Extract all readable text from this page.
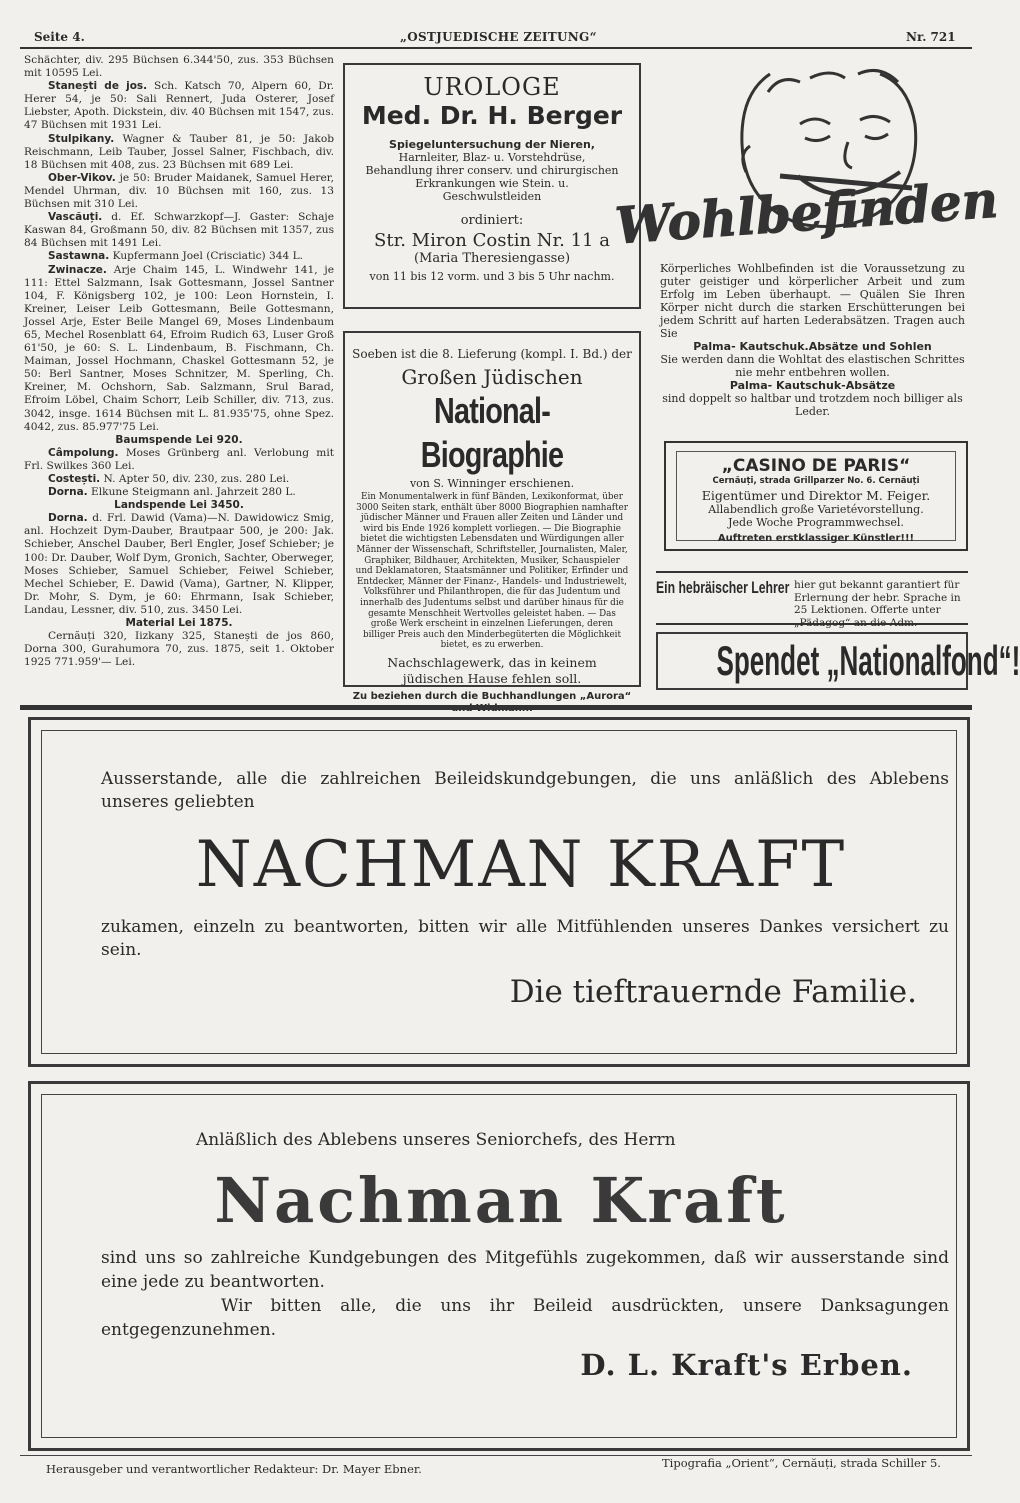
Seite 4.	„OSTJUEDISCHE ZEITUNG“	Nr. 721

Schächter, div. 295 Büchsen 6.344'50, zus. 353 Büchsen mit 10595 Lei.

Stanești de jos. Sch. Katsch 70, Alpern 60, Dr. Herer 54, je 50: Sali Rennert, Juda Osterer, Josef Liebster, Apoth. Dickstein, div. 40 Büchsen mit 1547, zus. 47 Büchsen mit 1931 Lei.

Stulpikany. Wagner & Tauber 81, je 50: Jakob Reischmann, Leib Tauber, Jossel Salner, Fischbach, div. 18 Büchsen mit 408, zus. 23 Büchsen mit 689 Lei.

Ober-Vikov. je 50: Bruder Maidanek, Samuel Herer, Mendel Uhrman, div. 10 Büchsen mit 160, zus. 13 Büchsen mit 310 Lei.

Vascăuți. d. Ef. Schwarzkopf—J. Gaster: Schaje Kaswan 84, Großmann 50, div. 82 Büchsen mit 1357, zus 84 Büchsen mit 1491 Lei.

Sastawna. Kupfermann Joel (Crisciatic) 344 L.

Zwinacze. Arje Chaim 145, L. Windwehr 141, je 111: Ettel Salzmann, Isak Gottesmann, Jossel Santner 104, F. Königsberg 102, je 100: Leon Hornstein, I. Kreiner, Leiser Leib Gottesmann, Beile Gottesmann, Jossel Arje, Ester Beile Mangel 69, Moses Lindenbaum 65, Mechel Rosenblatt 64, Efroim Rudich 63, Luser Groß 61'50, je 60: S. L. Lindenbaum, B. Fischmann, Ch. Maiman, Jossel Hochmann, Chaskel Gottesmann 52, je 50: Berl Santner, Moses Schnitzer, M. Sperling, Ch. Kreiner, M. Ochshorn, Sab. Salzmann, Srul Barad, Efroim Löbel, Chaim Schorr, Leib Schiller, div. 713, zus. 3042, insge. 1614 Büchsen mit L. 81.935'75, ohne Spez. 4042, zus. 85.977'75 Lei.

Baumspende Lei 920.

Câmpolung. Moses Grünberg anl. Verlobung mit Frl. Swilkes 360 Lei.

Costești. N. Apter 50, div. 230, zus. 280 Lei.

Dorna. Elkune Steigmann anl. Jahrzeit 280 L.

Landspende Lei 3450.

Dorna. d. Frl. Dawid (Vama)—N. Dawidowicz Smig, anl. Hochzeit Dym-Dauber, Brautpaar 500, je 200: Jak. Schieber, Anschel Dauber, Berl Engler, Josef Schieber; je 100: Dr. Dauber, Wolf Dym, Gronich, Sachter, Oberweger, Moses Schieber, Samuel Schieber, Feiwel Schieber, Mechel Schieber, E. Dawid (Vama), Gartner, N. Klipper, Dr. Mohr, S. Dym, je 60: Ehrmann, Isak Schieber, Landau, Lessner, div. 510, zus. 3450 Lei.

Material Lei 1875.

Cernăuți 320, Iizkany 325, Stanești de jos 860, Dorna 300, Gurahumora 70, zus. 1875, seit 1. Oktober 1925 771.959'— Lei.

UROLOGE
Med. Dr. H. Berger
Spiegeluntersuchung der Nieren, Harnleiter, Blaz- u. Vorstehdrüse, Behandlung ihrer conserv. und chirurgischen Erkrankungen wie Stein. u. Geschwulstleiden
ordiniert:
Str. Miron Costin Nr. 11 a
(Maria Theresiengasse)
von 11 bis 12 vorm. und 3 bis 5 Uhr nachm.
Soeben ist die 8. Lieferung (kompl. I. Bd.) der
Großen Jüdischen
National-Biographie
von S. Winninger erschienen.
Ein Monumentalwerk in fünf Bänden, Lexikonformat, über 3000 Seiten stark, enthält über 8000 Biographien namhafter jüdischer Männer und Frauen aller Zeiten und Länder und wird bis Ende 1926 komplett vorliegen. — Die Biographie bietet die wichtigsten Lebensdaten und Würdigungen aller Männer der Wissenschaft, Schriftsteller, Journalisten, Maler, Graphiker, Bildhauer, Architekten, Musiker, Schauspieler und Deklamatoren, Staatsmänner und Politiker, Erfinder und Entdecker, Männer der Finanz-, Handels- und Industriewelt, Volksführer und Philanthropen, die für das Judentum und innerhalb des Judentums selbst und darüber hinaus für die gesamte Menschheit Wertvolles geleistet haben. — Das große Werk erscheint in einzelnen Lieferungen, deren billiger Preis auch den Minderbegüterten die Möglichkeit bietet, es zu erwerben.
Nachschlagewerk, das in keinem jüdischen Hause fehlen soll.
Zu beziehen durch die Buchhandlungen „Aurora“
Wohlbefinden

Körperliches Wohlbefinden ist die Voraussetzung zu guter geistiger und körperlicher Arbeit und zum Erfolg im Leben überhaupt. — Quälen Sie Ihren Körper nicht durch die starken Erschütterungen bei jedem Schritt auf harten Lederabsätzen. Tragen auch Sie

Palma- Kautschuk.Absätze und Sohlen

Sie werden dann die Wohltat des elastischen Schrittes nie mehr entbehren wollen.

Palma- Kautschuk-Absätze

sind doppelt so haltbar und trotzdem noch billiger als Leder.

„CASINO DE PARIS“
Cernăuți, strada Grillparzer No. 6. Cernăuți
Eigentümer und Direktor M. Feiger.
Allabendlich große Varietévorstellung.
Jede Woche Programmwechsel.
Auftreten erstklassiger Künstler!!!
Ein hebräischer Lehrer hier gut bekannt garantiert für Erlernung der hebr. Sprache in 25 Lektionen. Offerte unter „Pädagog“ an die Adm.
Spendet „Nationalfond“!
Ausserstande, alle die zahlreichen Beileidskundgebungen, die uns anläßlich des Ablebens unseres geliebten
NACHMAN KRAFT
zukamen, einzeln zu beantworten, bitten wir alle Mitfühlenden unseres Dankes versichert zu sein.
Die tieftrauernde Familie.
Anläßlich des Ablebens unseres Seniorchefs, des Herrn
Nachman Kraft

sind uns so zahlreiche Kundgebungen des Mitgefühls zugekommen, daß wir ausserstande sind eine jede zu beantworten.

Wir bitten alle, die uns ihr Beileid ausdrückten, unsere Danksagungen entgegenzunehmen.

D. L. Kraft's Erben.
Herausgeber und verantwortlicher Redakteur: Dr. Mayer Ebner.	Tipografia „Orient“, Cernăuți, strada Schiller 5.
